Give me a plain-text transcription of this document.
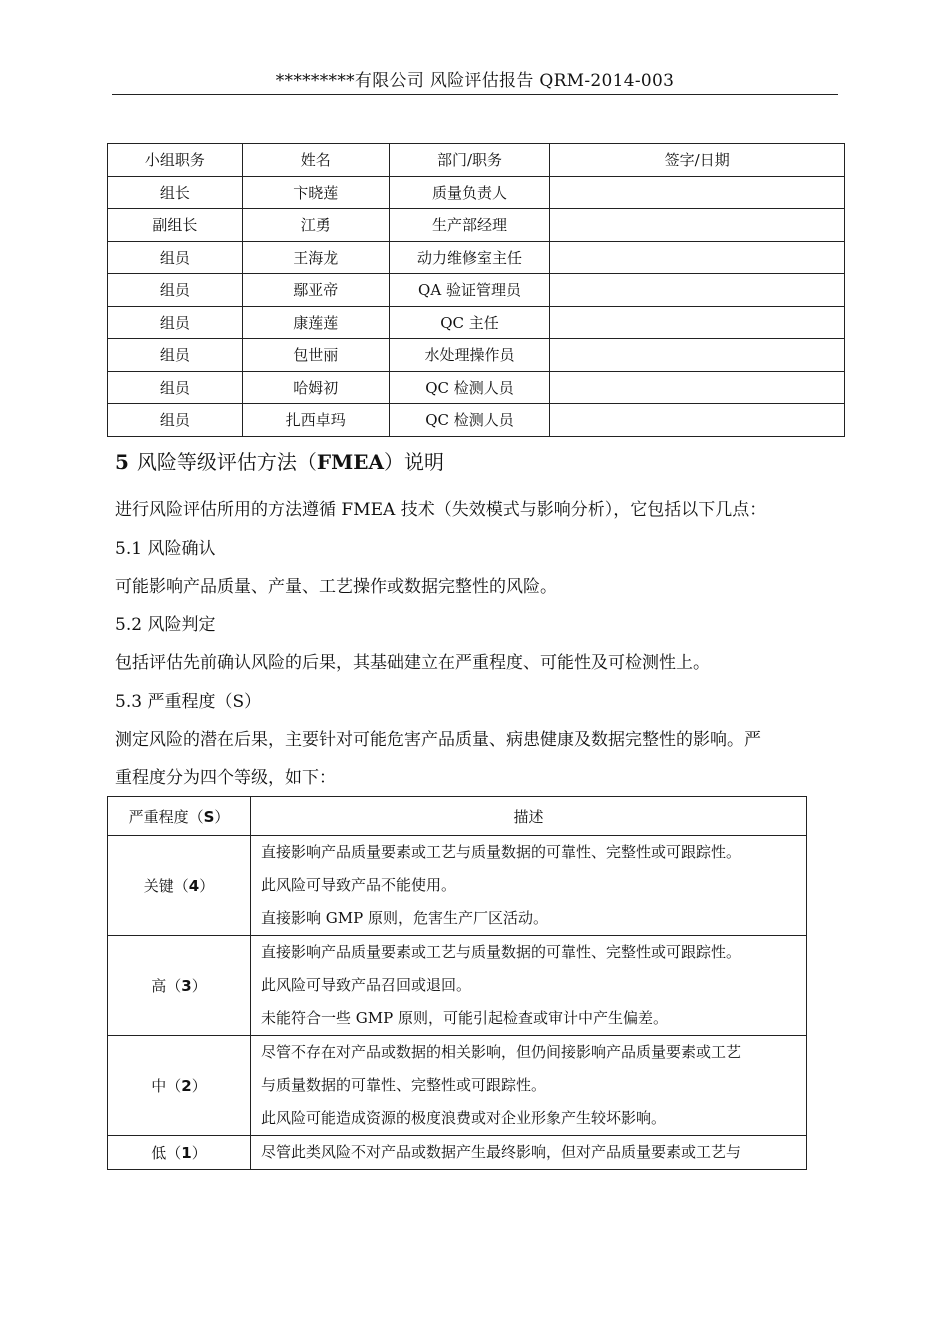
*********有限公司 风险评估报告 QRM-2014-003
小组职务	姓名	部门/职务	签字/日期
组长	卞晓莲	质量负责人	
副组长	江勇	生产部经理	
组员	王海龙	动力维修室主任	
组员	鄢亚帝	QA 验证管理员	
组员	康莲莲	QC 主任	
组员	包世丽	水处理操作员	
组员	哈姆初	QC 检测人员	
组员	扎西卓玛	QC 检测人员	
5 风险等级评估方法（FMEA）说明
进行风险评估所用的方法遵循 FMEA 技术（失效模式与影响分析），它包括以下几点：
5.1 风险确认
可能影响产品质量、产量、工艺操作或数据完整性的风险。
5.2 风险判定
包括评估先前确认风险的后果，其基础建立在严重程度、可能性及可检测性上。
5.3 严重程度（S）
测定风险的潜在后果，主要针对可能危害产品质量、病患健康及数据完整性的影响。严
重程度分为四个等级，如下：
严重程度（S）	描述
关键（4）	直接影响产品质量要素或工艺与质量数据的可靠性、完整性或可跟踪性。
此风险可导致产品不能使用。
直接影响 GMP 原则，危害生产厂区活动。

高（3）	直接影响产品质量要素或工艺与质量数据的可靠性、完整性或可跟踪性。
此风险可导致产品召回或退回。
未能符合一些 GMP 原则，可能引起检查或审计中产生偏差。

中（2）	尽管不存在对产品或数据的相关影响，但仍间接影响产品质量要素或工艺
与质量数据的可靠性、完整性或可跟踪性。
此风险可能造成资源的极度浪费或对企业形象产生较坏影响。

低（1）	尽管此类风险不对产品或数据产生最终影响，但对产品质量要素或工艺与
